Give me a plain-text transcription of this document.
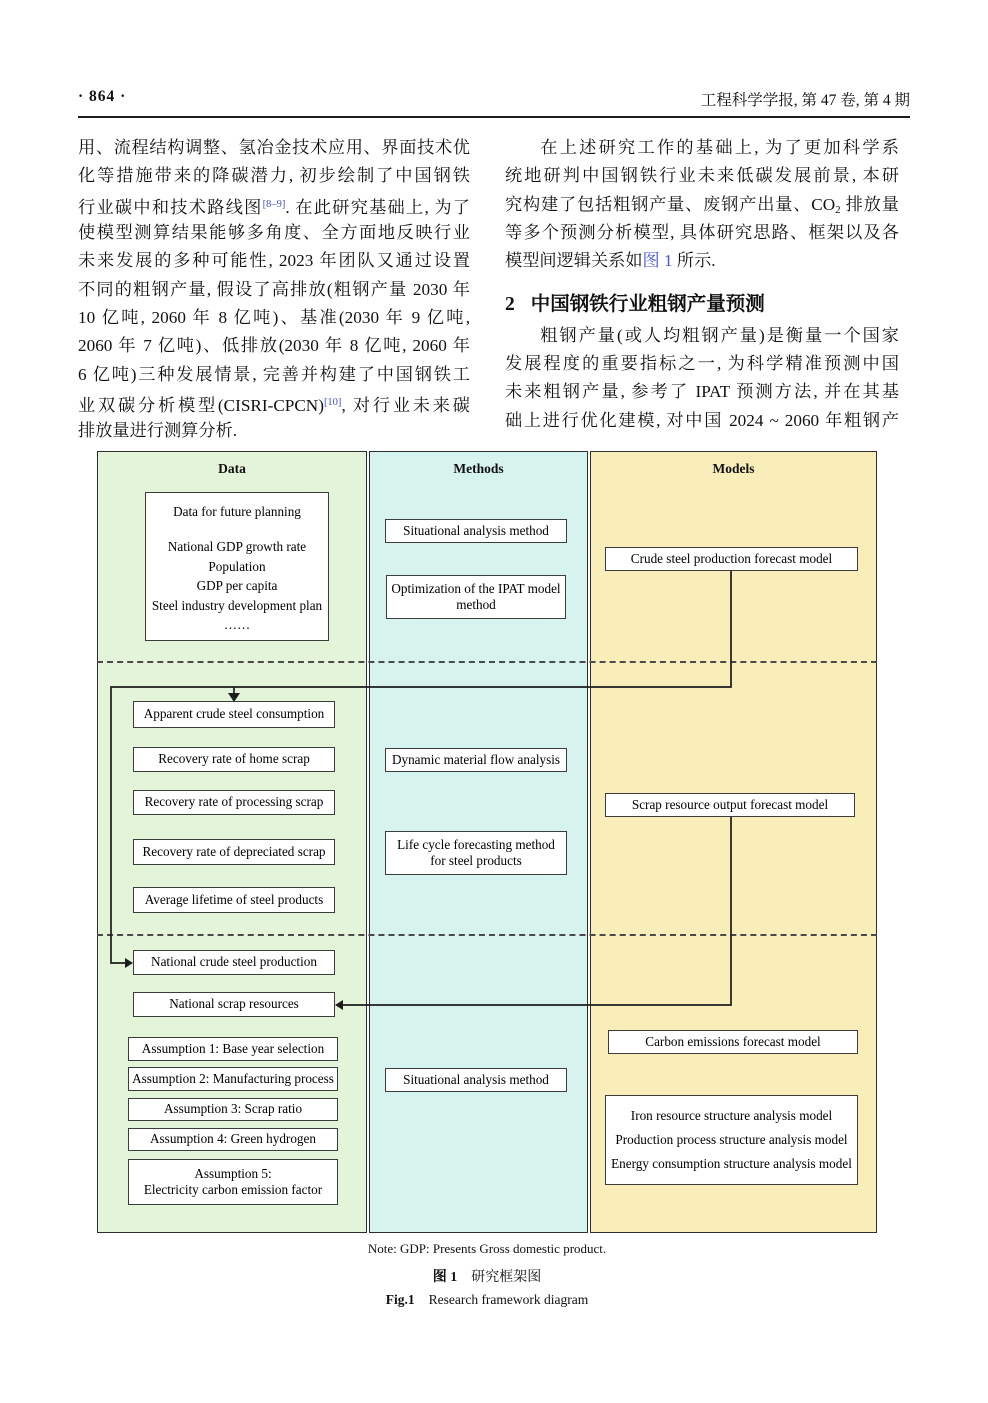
· 864 ·	工程科学学报, 第 47 卷, 第 4 期
用、流程结构调整、氢冶金技术应用、界面技术优
化等措施带来的降碳潜力, 初步绘制了中国钢铁
行业碳中和技术路线图[8–9]. 在此研究基础上, 为了
使模型测算结果能够多角度、全方面地反映行业
未来发展的多种可能性, 2023 年团队又通过设置
不同的粗钢产量, 假设了高排放(粗钢产量 2030 年
10 亿吨, 2060 年 8 亿吨)、基准(2030 年 9 亿吨,
2060 年 7 亿吨)、低排放(2030 年 8 亿吨, 2060 年
6 亿吨)三种发展情景, 完善并构建了中国钢铁工
业双碳分析模型(CISRI-CPCN)[10], 对行业未来碳
排放量进行测算分析.
在上述研究工作的基础上, 为了更加科学系
统地研判中国钢铁行业未来低碳发展前景, 本研
究构建了包括粗钢产量、废钢产出量、$CO_2$ 排放量
等多个预测分析模型, 具体研究思路、框架以及各
模型间逻辑关系如图 1 所示.
2 中国钢铁行业粗钢产量预测
粗钢产量(或人均粗钢产量)是衡量一个国家
发展程度的重要指标之一, 为科学精准预测中国
未来粗钢产量, 参考了 IPAT 预测方法, 并在其基
础上进行优化建模, 对中国 2024 ~ 2060 年粗钢产
Data	Methods	Models
Data for future planning
National GDP growth rate
Population
GDP per capita
Steel industry development plan
……
Apparent crude steel consumption
Recovery rate of home scrap
Recovery rate of processing scrap
Recovery rate of depreciated scrap
Average lifetime of steel products
National crude steel production
National scrap resources
Assumption 1: Base year selection
Assumption 2: Manufacturing process
Assumption 3: Scrap ratio
Assumption 4: Green hydrogen
Assumption 5:
Electricity carbon emission factor
Situational analysis method
Optimization of the IPAT model
method
Dynamic material flow analysis
Life cycle forecasting method
for steel products
Situational analysis method
Crude steel production forecast model
Scrap resource output forecast model
Carbon emissions forecast model
Iron resource structure analysis model
Production process structure analysis model
Energy consumption structure analysis model
Note: GDP: Presents Gross domestic product.
图 1 研究框架图
Fig.1 Research framework diagram
